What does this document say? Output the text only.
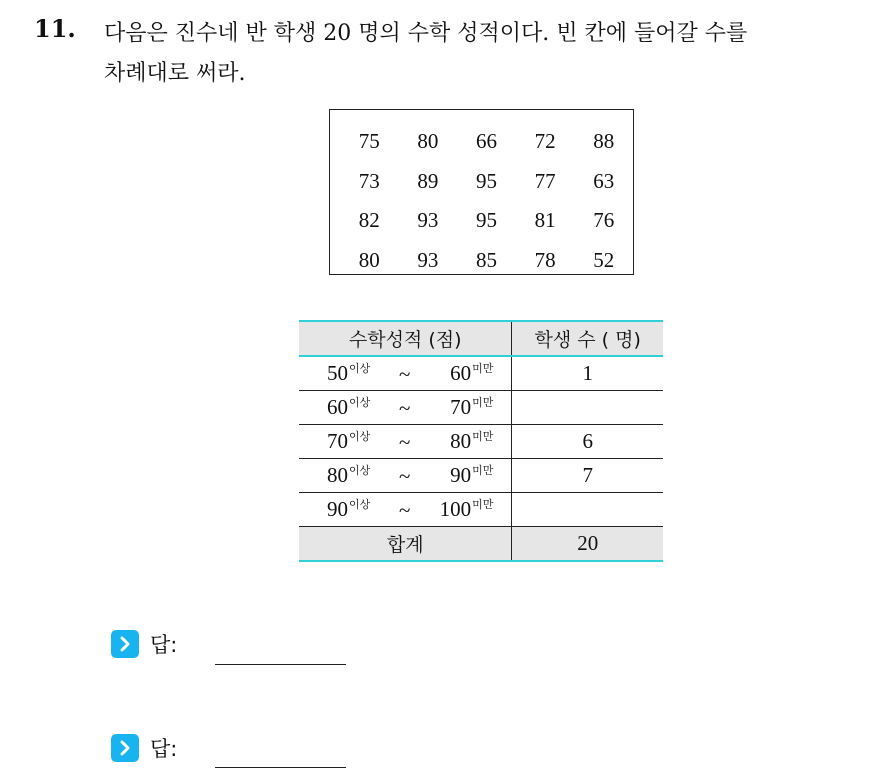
11. 다음은 진수네 반 학생 20 명의 수학 성적이다. 빈 칸에 들어갈 수를
차례대로 써라.
75	80	66	72	88
73	89	95	77	63
82	93	95	81	76
80	93	85	78	52
수학성적 (점)	학생 수 ( 명)

$50^{이상}$ ~ $60^{미만}$	1

$60^{이상}$ ~ $70^{미만}$

$70^{이상}$ ~ $80^{미만}$	6

$80^{이상}$ ~ $90^{미만}$	7

$90^{이상}$ ~ $100^{미만}$

합계	20
답:
답:
